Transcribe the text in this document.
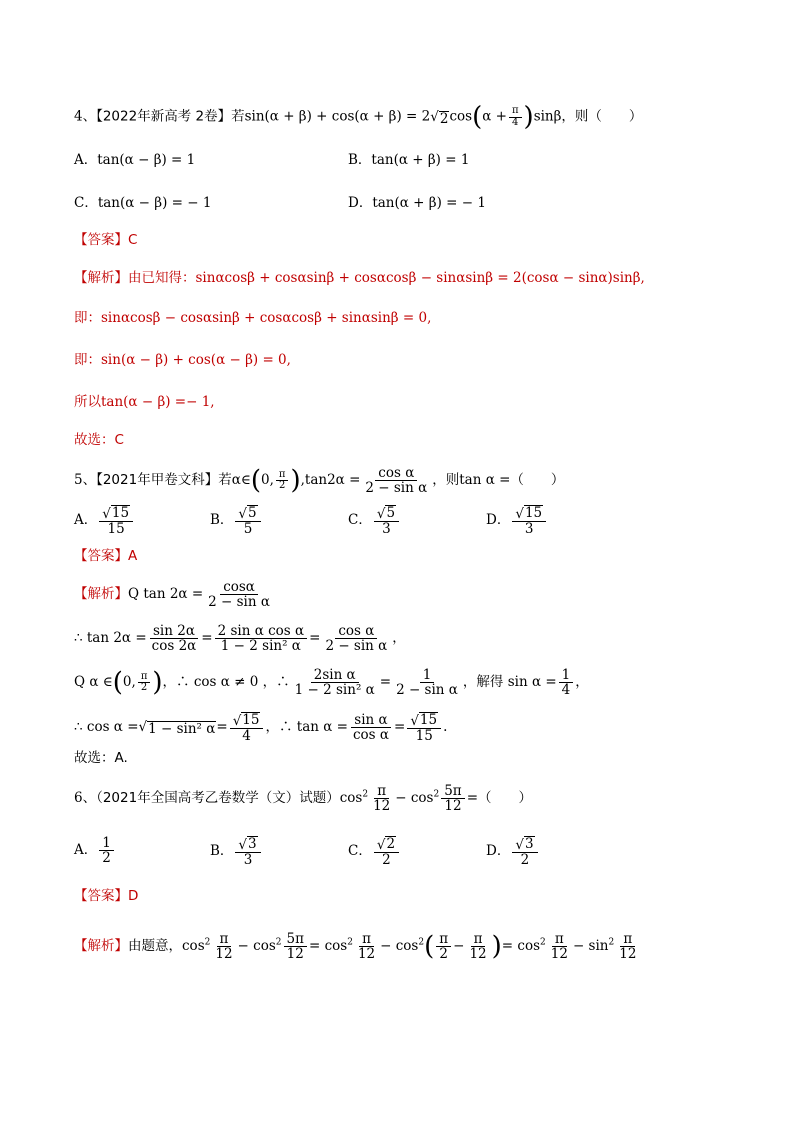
4、【2022年新高考 2卷】若sin(α + β) + cos(α + β) = 2√ 2 $\cos(\alpha + \frac{\pi}{4} )\sin\beta$，则（　　）
A．tan(α − β) = 1	B．tan(α + β) = 1
C．tan(α − β) = − 1	D．tan(α + β) = − 1
【答案】C
【解析】由已知得：sinαcosβ + cosαsinβ + cosαcosβ − sinαsinβ = 2(cosα − sinα)sinβ,
即：sinαcosβ − cosαsinβ + cosαcosβ + sinαsinβ = 0,
即：sin(α − β) + cos(α − β) = 0,
所以tan(α − β) =− 1,
故选：C
5、【2021年甲卷文科】若α∈(0, $\frac{\pi}{2} ),\tan 2\alpha = \frac{\text{cos α}}{\text{2 − sin α}}$ ，则tan α =（　　）
A． $\frac{√ 15}{15}$	B． $\frac{√ 5}{5}$	C． $\frac{√ 5}{3}$	D． $\frac{√ 15}{3}$
【答案】A
【解析】Q $\tan 2\alpha = \frac{\cos\alpha}{\text{2 − sin α}}$
∴ $\tan 2\alpha = \frac{\sin 2\alpha}{\cos 2\alpha} = \frac{\text{2 sin α cos α}}{\text{1 − 2 sin² α}} = \frac{\text{cos α}}{\text{2 − sin α}}$ ，
Q α ∈(0, $\frac{\pi}{2}$ )，∴ cos α ≠ 0 ，∴ $\frac{\text{2sin α}}{\text{1 − 2 sin² α}} = \frac{1}{\text{2 − sin α}}$ ，解得 $\sin \alpha = \frac{1}{4}$ ，
∴ cos α =√ 1 − sin² $\alpha = \frac{√ 15}{4}$ ，∴ $\tan \alpha = \frac{\text{sin α}}{\text{cos α}} = \frac{√ 15}{15}$ .
故选：A.
6、（2021年全国高考乙卷数学（文）试题）$\cos^2 \frac{\pi}{12} - \cos^2 \frac{5\pi}{12}$ =（　　）
A． $\frac{1}{2}$	B． $\frac{√ 3}{3}$	C． $\frac{√ 2}{2}$	D． $\frac{√ 3}{2}$
【答案】D
【解析】由题意，$\cos^2 \frac{\pi}{12} - \cos^2 \frac{5\pi}{12} = \cos^2 \frac{\pi}{12} - \cos^2( \frac{\pi}{2} - \frac{\pi}{12}$ )= $\cos^2 \frac{\pi}{12} - \sin^2 \frac{\pi}{12}$
